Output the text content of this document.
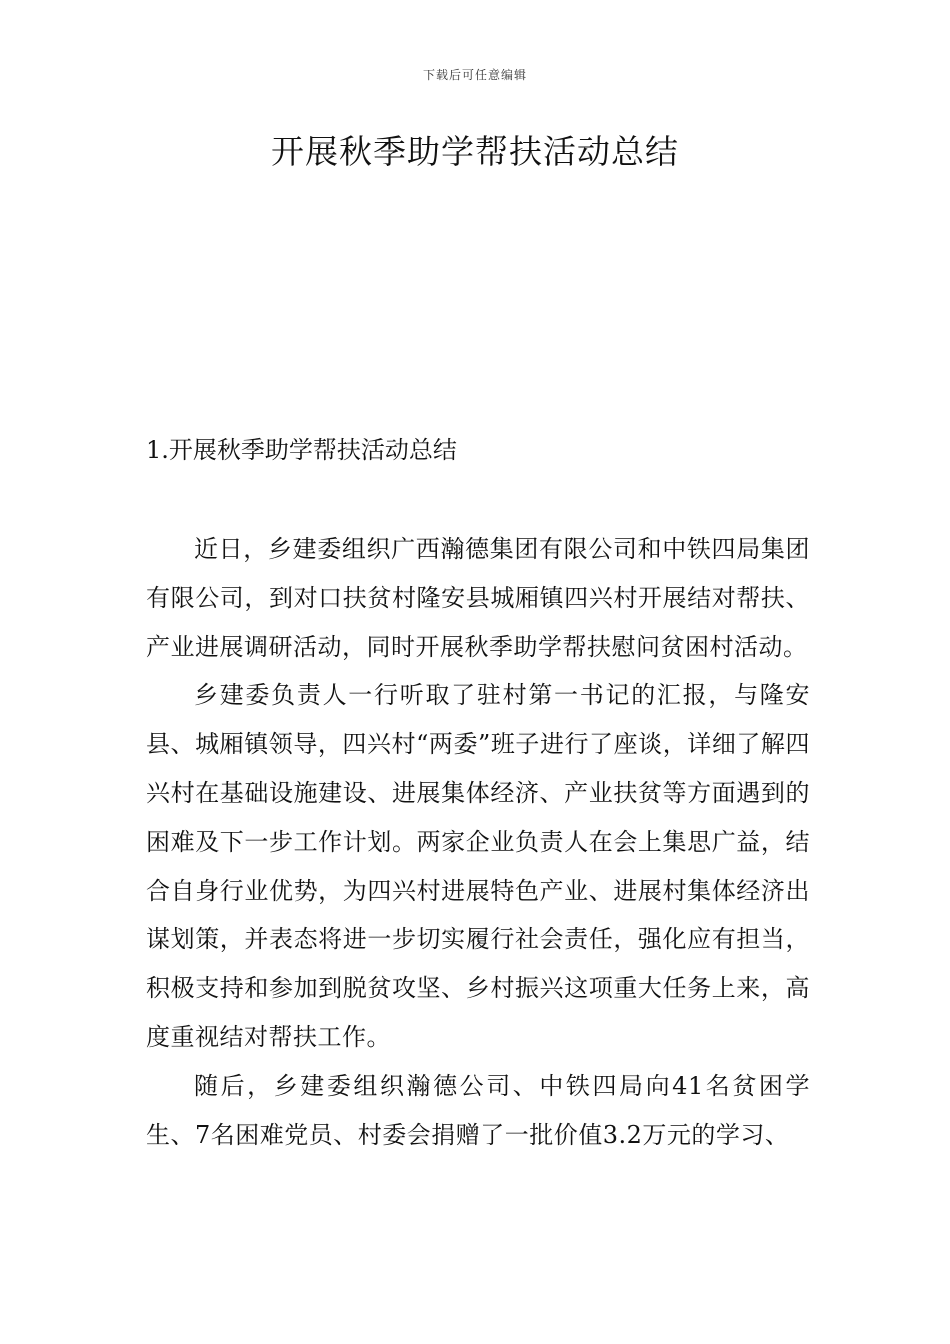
下载后可任意编辑
开展秋季助学帮扶活动总结
1.开展秋季助学帮扶活动总结

近日，乡建委组织广西瀚德集团有限公司和中铁四局集团有限公司，到对口扶贫村隆安县城厢镇四兴村开展结对帮扶、产业进展调研活动，同时开展秋季助学帮扶慰问贫困村活动。

乡建委负责人一行听取了驻村第一书记的汇报，与隆安县、城厢镇领导，四兴村“两委”班子进行了座谈，详细了解四兴村在基础设施建设、进展集体经济、产业扶贫等方面遇到的困难及下一步工作计划。两家企业负责人在会上集思广益，结合自身行业优势，为四兴村进展特色产业、进展村集体经济出谋划策，并表态将进一步切实履行社会责任，强化应有担当，积极支持和参加到脱贫攻坚、乡村振兴这项重大任务上来，高度重视结对帮扶工作。

随后，乡建委组织瀚德公司、中铁四局向41名贫困学生、7名困难党员、村委会捐赠了一批价值3.2万元的学习、
